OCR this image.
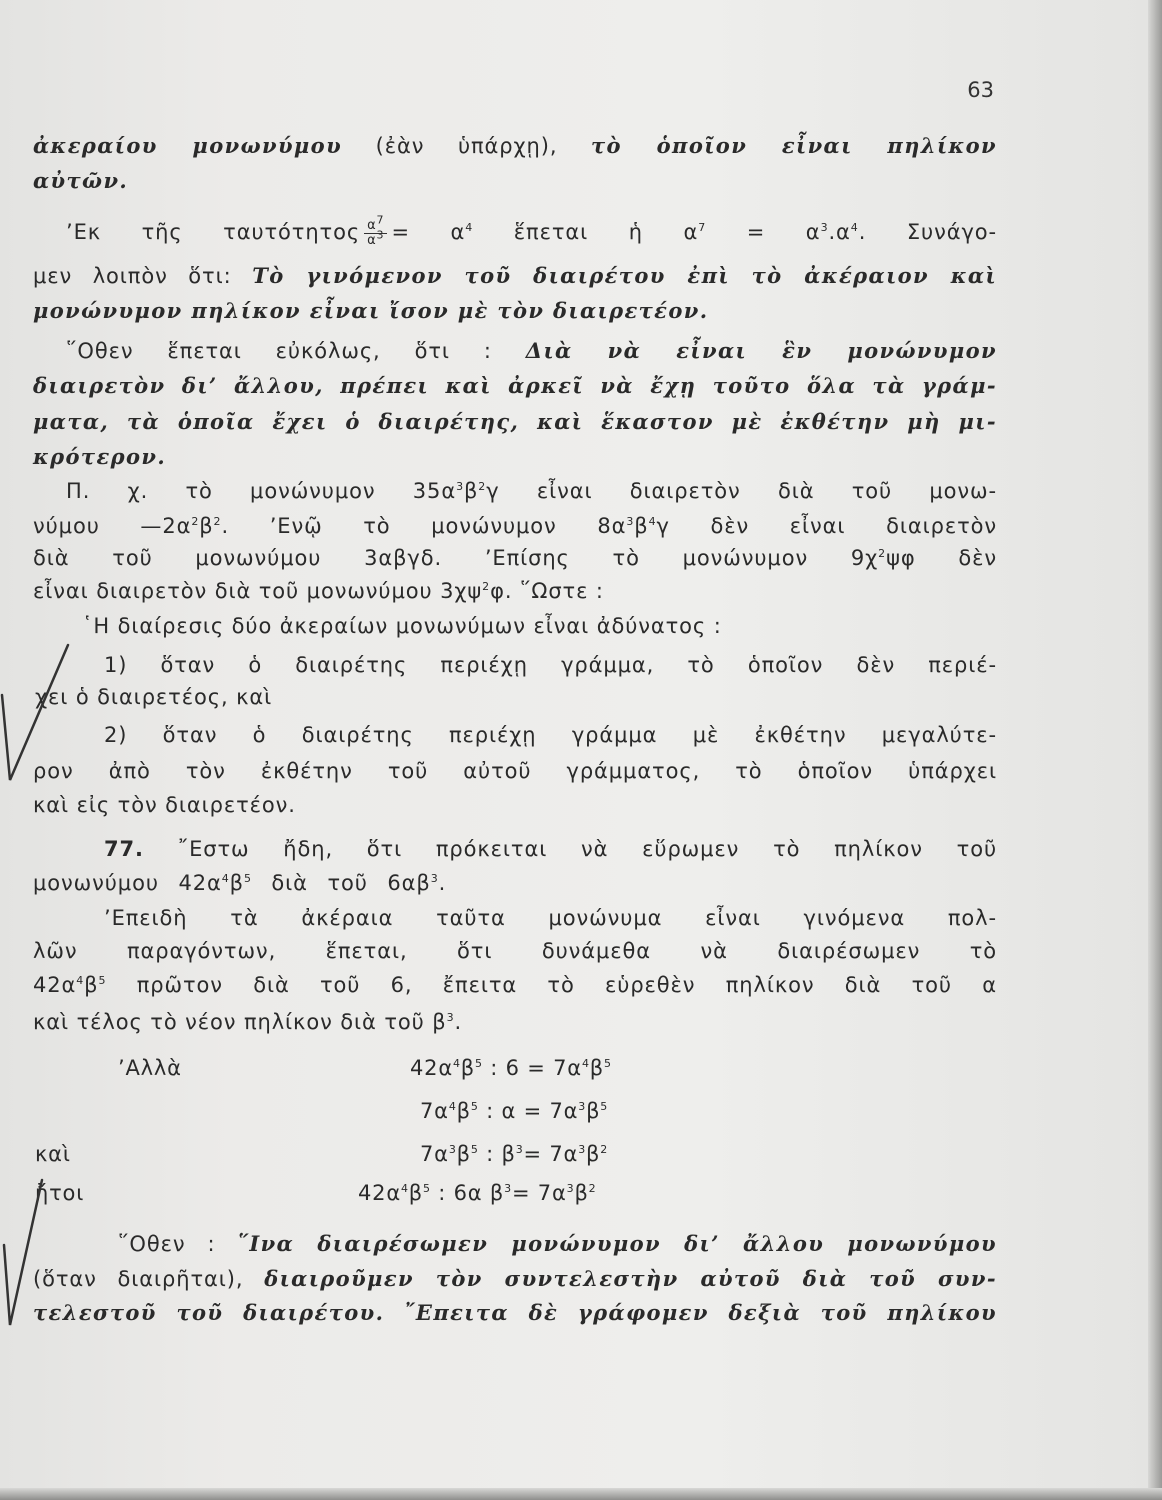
63
ἀκεραίου μονωνύμου (ἐὰν ὑπάρχῃ), τὸ ὁποῖον εἶναι πηλίκον
αὐτῶν.
’Εκ τῆς ταυτότητος $\frac{\alpha^7}{\alpha^3} = \alpha^4$ ἕπεται ἡ $\alpha^7 = \alpha^3.\alpha^4$. Συνάγο-
μεν λοιπὸν ὅτι: Τὸ γινόμενον τοῦ διαιρέτου ἐπὶ τὸ ἀκέραιον καὶ
μονώνυμον πηλίκον εἶναι ἴσον μὲ τὸν διαιρετέον.
῞Οθεν ἕπεται εὐκόλως, ὅτι : Διὰ νὰ εἶναι ἓν μονώνυμον
διαιρετὸν δι’ ἄλλου, πρέπει καὶ ἀρκεῖ νὰ ἔχῃ τοῦτο ὅλα τὰ γράμ-
ματα, τὰ ὁποῖα ἔχει ὁ διαιρέτης, καὶ ἕκαστον μὲ ἐκθέτην μὴ μι-
κρότερον.
Π. χ. τὸ μονώνυμον $35\alpha^3\beta^2\gamma$ εἶναι διαιρετὸν διὰ τοῦ μονω-
νύμου $—2\alpha^2\beta^2$. ’Ενῷ τὸ μονώνυμον $8\alpha^3\beta^4\gamma$ δὲν εἶναι διαιρετὸν
διὰ τοῦ μονωνύμου 3αβγδ. ’Επίσης τὸ μονώνυμον $9\chi^2\psi\varphi$ δὲν
εἶναι διαιρετὸν διὰ τοῦ μονωνύμου $3\chi\psi^2\varphi$. ῞Ωστε :
῾Η διαίρεσις δύο ἀκεραίων μονωνύμων εἶναι ἀδύνατος :
1) ὅταν ὁ διαιρέτης περιέχῃ γράμμα, τὸ ὁποῖον δὲν περιέ-
χει ὁ διαιρετέος, καὶ
2) ὅταν ὁ διαιρέτης περιέχῃ γράμμα μὲ ἐκθέτην μεγαλύτε-
ρον ἀπὸ τὸν ἐκθέτην τοῦ αὐτοῦ γράμματος, τὸ ὁποῖον ὑπάρχει
καὶ εἰς τὸν διαιρετέον.
77. ῎Εστω ἤδη, ὅτι πρόκειται νὰ εὕρωμεν τὸ πηλίκον τοῦ
μονωνύμου $42\alpha^4\beta^5$ διὰ τοῦ $6\alpha\beta^3$.
’Επειδὴ τὰ ἀκέραια ταῦτα μονώνυμα εἶναι γινόμενα πολ-
λῶν παραγόντων, ἕπεται, ὅτι δυνάμεθα νὰ διαιρέσωμεν τὸ
$42\alpha^4\beta^5$ πρῶτον διὰ τοῦ 6, ἔπειτα τὸ εὑρεθὲν πηλίκον διὰ τοῦ α
καὶ τέλος τὸ νέον πηλίκον διὰ τοῦ $\beta^3$.
’Αλλὰ	$42\alpha^4\beta^5$ : $6 = 7\alpha^4\beta^5$
$7\alpha^4\beta^5$ : $\alpha = 7\alpha^3\beta^5$
καὶ	$7\alpha^3\beta^5$ : $\beta^3= 7\alpha^3\beta^2$
ἤτοι	$42\alpha^4\beta^5$ : 6α $\beta^3= 7\alpha^3\beta^2$
῞Οθεν : ῞Ινα διαιρέσωμεν μονώνυμον δι’ ἄλλου μονωνύμου
(ὅταν διαιρῆται), διαιροῦμεν τὸν συντελεστὴν αὐτοῦ διὰ τοῦ συν-
τελεστοῦ τοῦ διαιρέτου. ῎Επειτα δὲ γράφομεν δεξιὰ τοῦ πηλίκου
